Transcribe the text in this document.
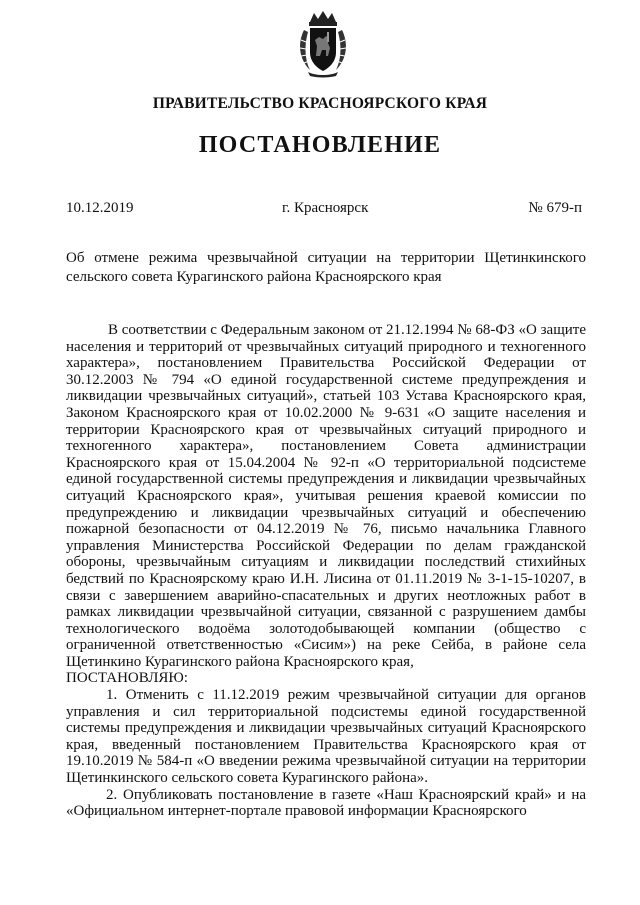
ПРАВИТЕЛЬСТВО КРАСНОЯРСКОГО КРАЯ
ПОСТАНОВЛЕНИЕ
10.12.2019	г. Красноярск	№ 679-п
Об отмене режима чрезвычайной ситуации на территории Щетинкинского сельского совета Курагинского района Красноярского края

В соответствии с Федеральным законом от 21.12.1994 № 68-ФЗ «О защите населения и территорий от чрезвычайных ситуаций природного и техногенного характера», постановлением Правительства Российской Федерации от 30.12.2003 № 794 «О единой государственной системе предупреждения и ликвидации чрезвычайных ситуаций», статьей 103 Устава Красноярского края, Законом Красноярского края от 10.02.2000 № 9-631 «О защите населения и территории Красноярского края от чрезвычайных ситуаций природного и техногенного характера», постановлением Совета администрации Красноярского края от 15.04.2004 № 92-п «О территориальной подсистеме единой государственной системы предупреждения и ликвидации чрезвычайных ситуаций Красноярского края», учитывая решения краевой комиссии по предупреждению и ликвидации чрезвычайных ситуаций и обеспечению пожарной безопасности от 04.12.2019 № 76, письмо начальника Главного управления Министерства Российской Федерации по делам гражданской обороны, чрезвычайным ситуациям и ликвидации последствий стихийных бедствий по Красноярскому краю И.Н. Лисина от 01.11.2019 № 3-1-15-10207, в связи с завершением аварийно-спасательных и других неотложных работ в рамках ликвидации чрезвычайной ситуации, связанной с разрушением дамбы технологического водоёма золотодобывающей компании (общество с ограниченной ответственностью «Сисим») на реке Сейба, в районе села Щетинкино Курагинского района Красноярского края,

ПОСТАНОВЛЯЮ:

1. Отменить с 11.12.2019 режим чрезвычайной ситуации для органов управления и сил территориальной подсистемы единой государственной системы предупреждения и ликвидации чрезвычайных ситуаций Красноярского края, введенный постановлением Правительства Красноярского края от 19.10.2019 № 584-п «О введении режима чрезвычайной ситуации на территории Щетинкинского сельского совета Курагинского района».

2. Опубликовать постановление в газете «Наш Красноярский край» и на «Официальном интернет-портале правовой информации Красноярского
